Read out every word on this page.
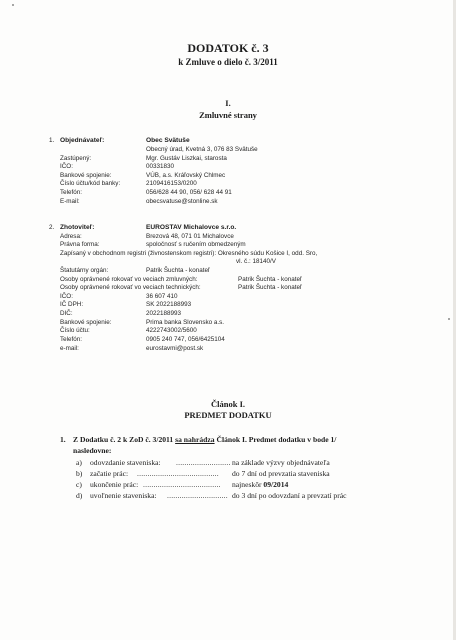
DODATOK č. 3
k Zmluve o dielo č. 3/2011
I.
Zmluvné strany
1. Objednávateľ:	Obec Svätuše
Obecný úrad, Kvetná 3, 076 83 Svätuše
Zastúpený:	Mgr. Gustáv Liszkai, starosta
IČO:	00331830
Bankové spojenie:	VÚB, a.s. Kráľovský Chlmec
Číslo účtu/kód banky:	2109416153/0200
Telefón:	056/628 44 90, 056/ 628 44 91
E-mail:	obecsvatuse@stonline.sk
2. Zhotoviteľ:	EUROSTAV Michalovce s.r.o.
Adresa:	Brezová 48, 071 01 Michalovce
Právna forma:	spoločnosť s ručením obmedzeným
Zapísaný v obchodnom registri (živnostenskom registri): Okresného súdu Košice I, odd. Sro,
vl. č.: 18140/V
Štatutárny orgán:	Patrik Šuchta - konateľ
Osoby oprávnené rokovať vo veciach zmluvných:	Patrik Šuchta - konateľ
Osoby oprávnené rokovať vo veciach technických:	Patrik Šuchta - konateľ
IČO:	36 607 410
IČ DPH:	SK 2022188993
DIČ:	2022188993
Bankové spojenie:	Prima banka Slovensko a.s.
Číslo účtu:	4222743002/5600
Telefón:	0905 240 747, 056/6425104
e-mail:	eurostavmi@post.sk
Článok I.
PREDMET DODATKU
1. Z Dodatku č. 2 k ZoD č. 3/2011 sa nahrádza Článok I. Predmet dodatku v bode 1/
nasledovne:
a) odovzdanie staveniska: .......................... na základe výzvy objednávateľa
b) začatie prác: ....................................... do 7 dní od prevzatia staveniska
c) ukončenie prác: ..................................... najneskôr 09/2014
d) uvoľnenie staveniska: ............................. do 3 dní po odovzdaní a prevzatí prác
